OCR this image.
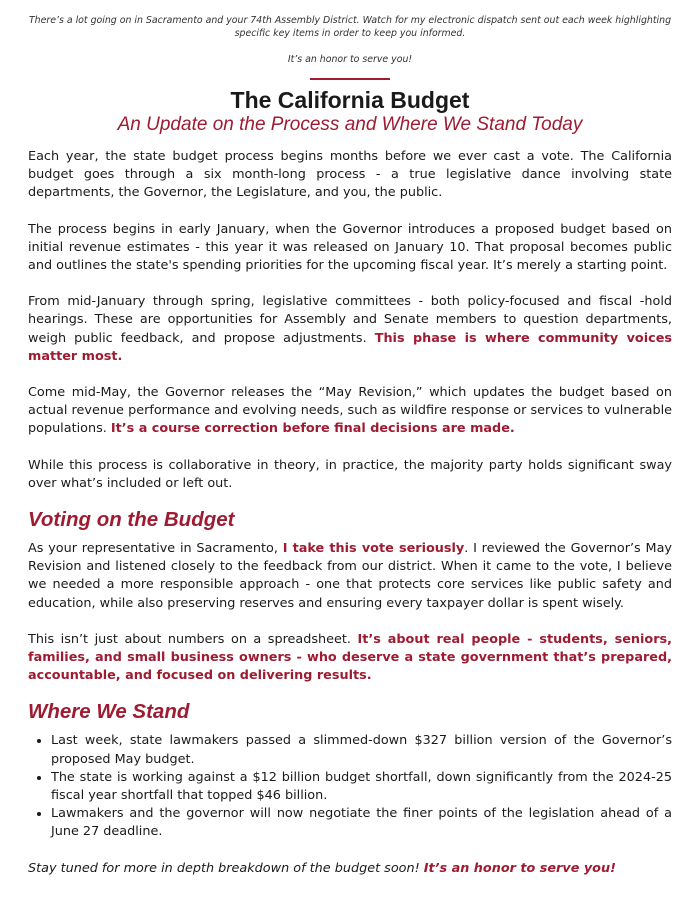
There’s a lot going on in Sacramento and your 74th Assembly District. Watch for my electronic dispatch sent out each week highlighting specific key items in order to keep you informed.

It’s an honor to serve you!

The California Budget

An Update on the Process and Where We Stand Today

Each year, the state budget process begins months before we ever cast a vote. The California budget goes through a six month-long process - a true legislative dance involving state departments, the Governor, the Legislature, and you, the public.

The process begins in early January, when the Governor introduces a proposed budget based on initial revenue estimates - this year it was released on January 10. That proposal becomes public and outlines the state's spending priorities for the upcoming fiscal year. It’s merely a starting point.

From mid-January through spring, legislative committees - both policy-focused and fiscal -hold hearings. These are opportunities for Assembly and Senate members to question departments, weigh public feedback, and propose adjustments. This phase is where community voices matter most.

Come mid-May, the Governor releases the “May Revision,” which updates the budget based on actual revenue performance and evolving needs, such as wildfire response or services to vulnerable populations. It’s a course correction before final decisions are made.

While this process is collaborative in theory, in practice, the majority party holds significant sway over what’s included or left out.

Voting on the Budget

As your representative in Sacramento, I take this vote seriously. I reviewed the Governor’s May Revision and listened closely to the feedback from our district. When it came to the vote, I believe we needed a more responsible approach - one that protects core services like public safety and education, while also preserving reserves and ensuring every taxpayer dollar is spent wisely.

This isn’t just about numbers on a spreadsheet. It’s about real people - students, seniors, families, and small business owners - who deserve a state government that’s prepared, accountable, and focused on delivering results.

Where We Stand
• Last week, state lawmakers passed a slimmed-down $327 billion version of the Governor’s proposed May budget.
• The state is working against a $12 billion budget shortfall, down significantly from the 2024-25 fiscal year shortfall that topped $46 billion.
• Lawmakers and the governor will now negotiate the finer points of the legislation ahead of a June 27 deadline.

Stay tuned for more in depth breakdown of the budget soon! It’s an honor to serve you!
